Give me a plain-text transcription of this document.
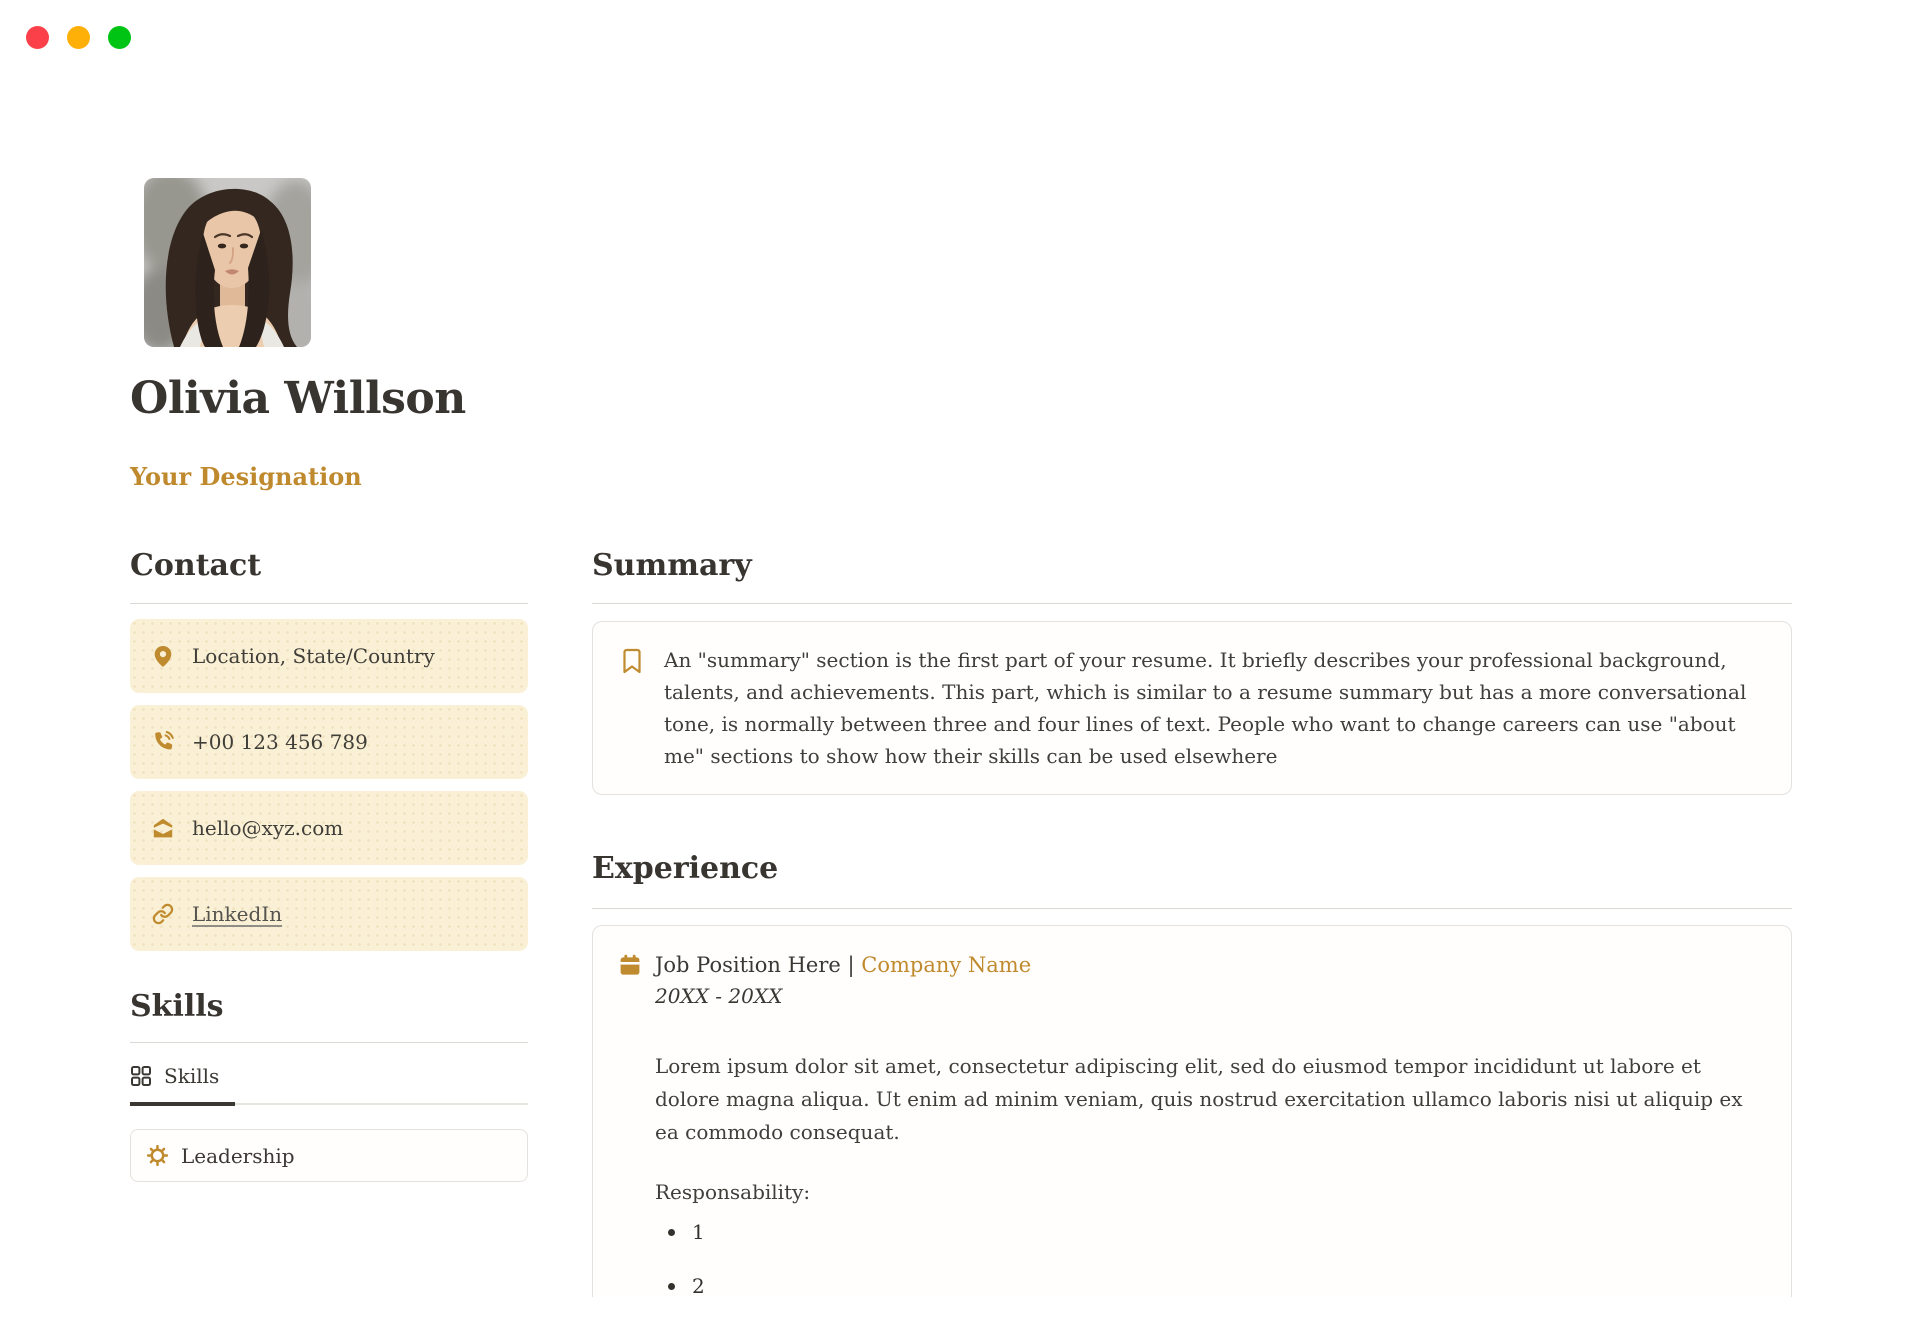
Olivia Willson
Your Designation
Contact
Location, State/Country
+00 123 456 789
hello@xyz.com
LinkedIn
Skills
Skills
Leadership
Summary
An "summary" section is the first part of your resume. It briefly describes your professional background, talents, and achievements. This part, which is similar to a resume summary but has a more conversational tone, is normally between three and four lines of text. People who want to change careers can use "about me" sections to show how their skills can be used elsewhere
Experience
Job Position Here | Company Name
20XX - 20XX
Lorem ipsum dolor sit amet, consectetur adipiscing elit, sed do eiusmod tempor incididunt ut labore et dolore magna aliqua. Ut enim ad minim veniam, quis nostrud exercitation ullamco laboris nisi ut aliquip ex ea commodo consequat.
Responsability:
1
2
